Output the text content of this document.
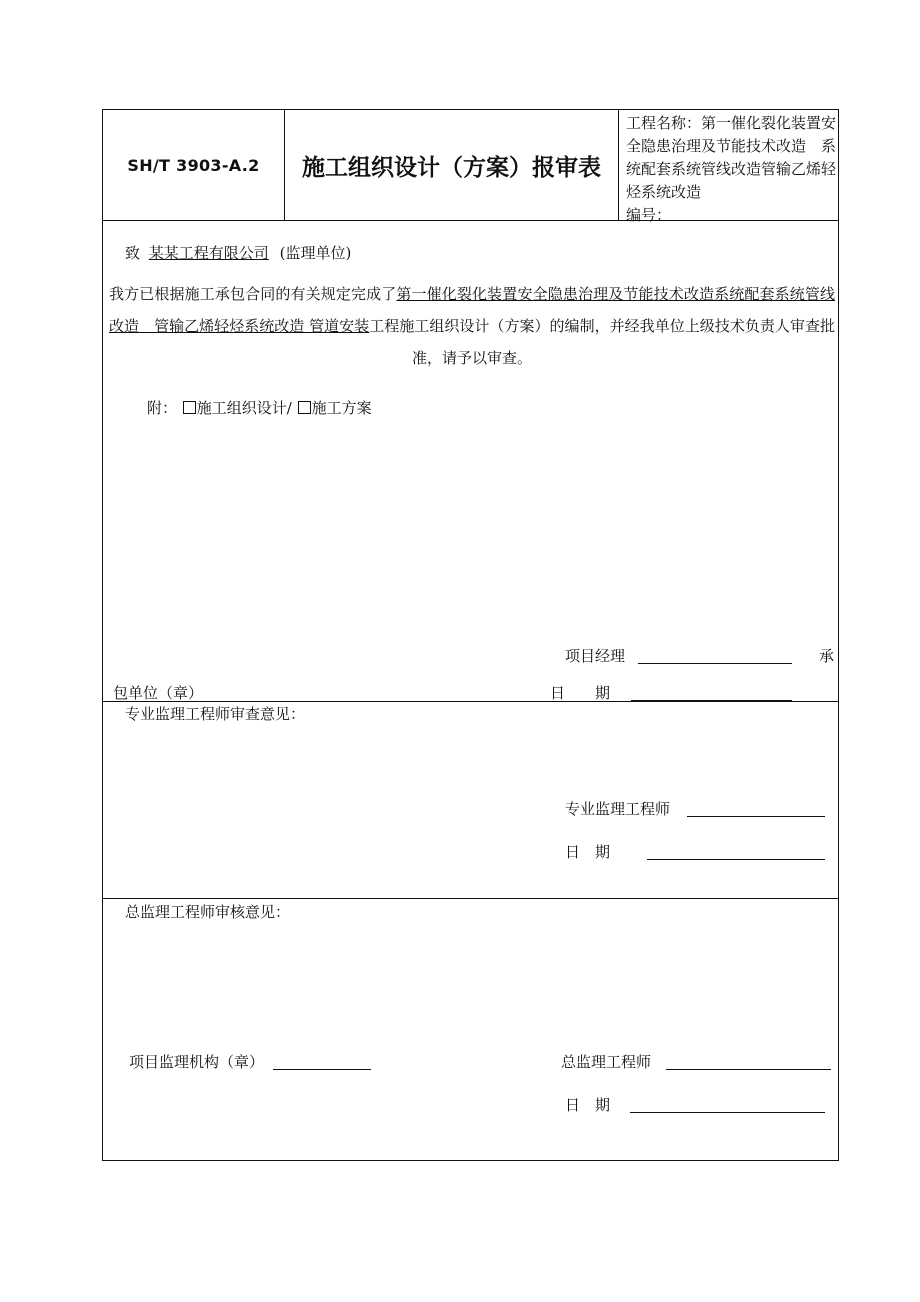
SH/T 3903-A.2	施工组织设计（方案）报审表
工程名称：第一催化裂化装置安全隐患治理及节能技术改造　系统配套系统管线改造管输乙烯轻烃系统改造
编号：
致 某某工程有限公司 (监理单位)
我方已根据施工承包合同的有关规定完成了第一催化裂化装置安全隐患治理及节能技术改造系统配套系统管线改造　管输乙烯轻烃系统改造 管道安装工程施工组织设计（方案）的编制，并经我单位上级技术负责人审查批准，请予以审查。
附： 施工组织设计/ 施工方案
项目经理	承
包单位（章）	日　　期
专业监理工程师审查意见：
专业监理工程师
日　期
总监理工程师审核意见：
项目监理机构（章）	总监理工程师
日　期
